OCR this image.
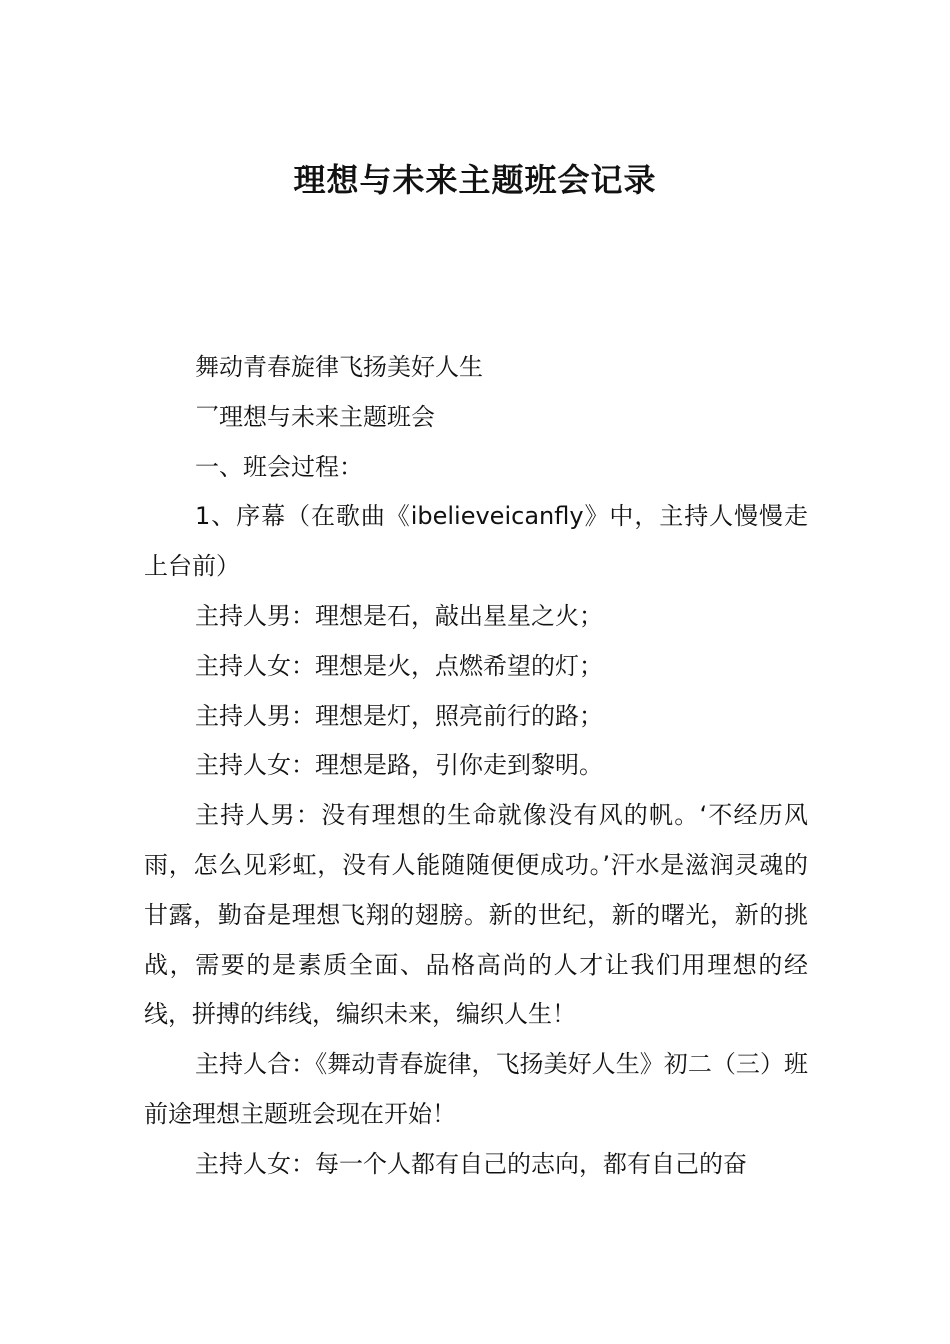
理想与未来主题班会记录

舞动青春旋律飞扬美好人生

乛理想与未来主题班会

一、班会过程：

1、序幕（在歌曲《ibelieveicanfly》中，主持人慢慢走上台前）

主持人男：理想是石，敲出星星之火；

主持人女：理想是火，点燃希望的灯；

主持人男：理想是灯，照亮前行的路；

主持人女：理想是路，引你走到黎明。

主持人男：没有理想的生命就像没有风的帆。‘不经历风雨，怎么见彩虹，没有人能随随便便成功。’汗水是滋润灵魂的甘露，勤奋是理想飞翔的翅膀。新的世纪，新的曙光，新的挑战，需要的是素质全面、品格高尚的人才让我们用理想的经线，拼搏的纬线，编织未来，编织人生！

主持人合：《舞动青春旋律，飞扬美好人生》初二（三）班前途理想主题班会现在开始！

主持人女：每一个人都有自己的志向，都有自己的奋
